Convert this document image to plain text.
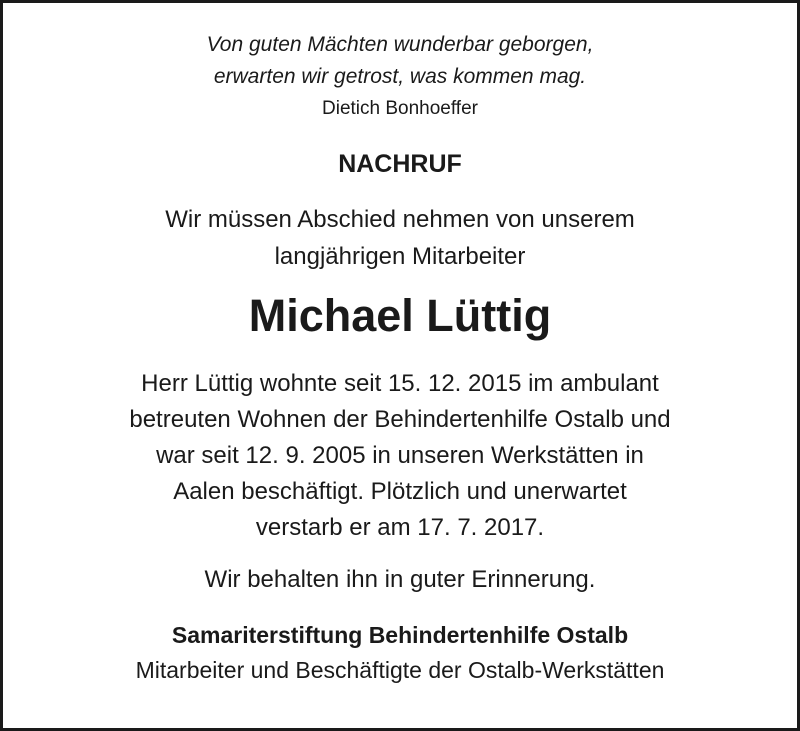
Von guten Mächten wunderbar geborgen,
erwarten wir getrost, was kommen mag.
Dietich Bonhoeffer
NACHRUF
Wir müssen Abschied nehmen von unserem
langjährigen Mitarbeiter
Michael Lüttig
Herr Lüttig wohnte seit 15. 12. 2015 im ambulant
betreuten Wohnen der Behindertenhilfe Ostalb und
war seit 12. 9. 2005 in unseren Werkstätten in
Aalen beschäftigt. Plötzlich und unerwartet
verstarb er am 17. 7. 2017.
Wir behalten ihn in guter Erinnerung.
Samariterstiftung Behindertenhilfe Ostalb
Mitarbeiter und Beschäftigte der Ostalb-Werkstätten
